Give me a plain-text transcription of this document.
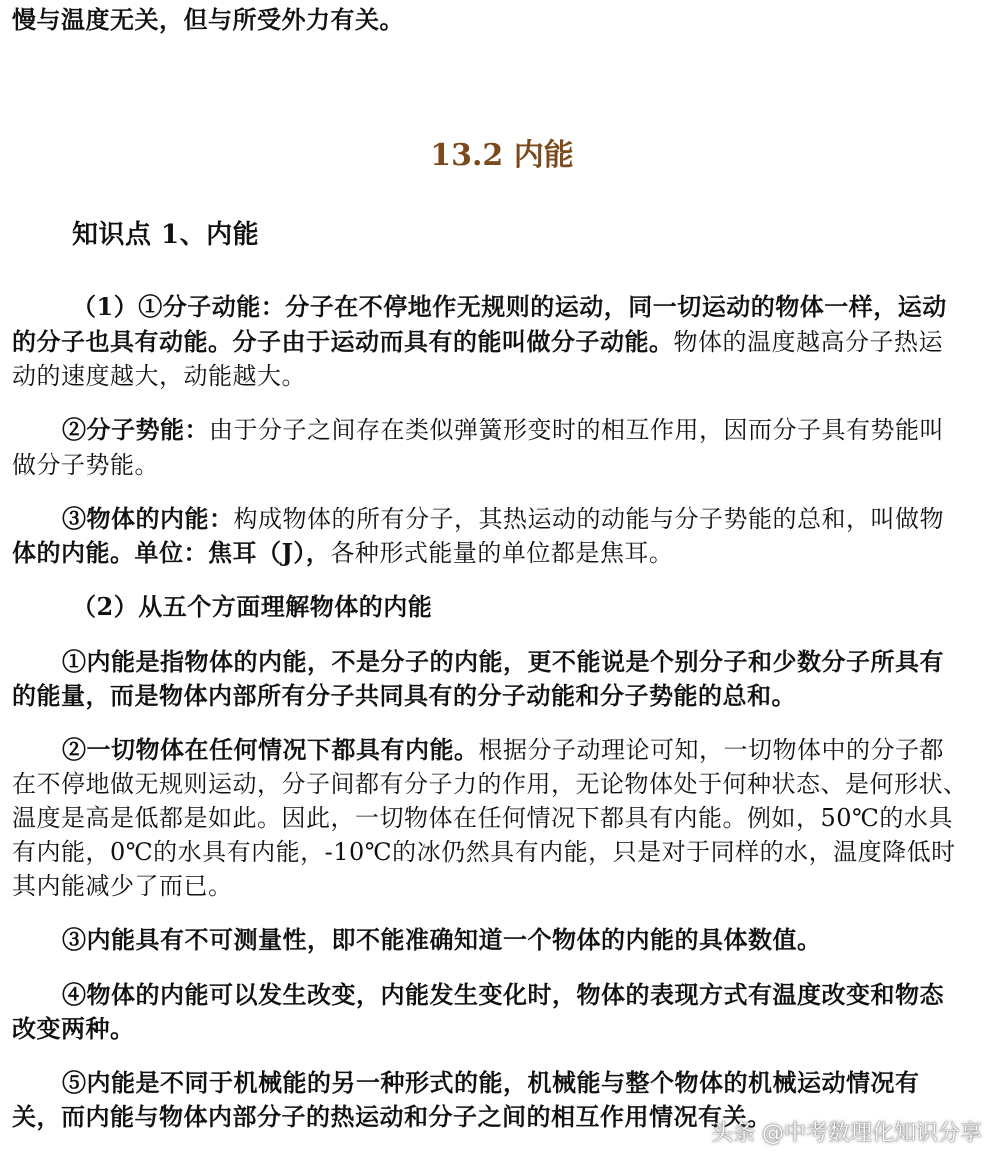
慢与温度无关，但与所受外力有关。
13.2 内能
知识点 1、内能
（1）①分子动能：分子在不停地作无规则的运动，同一切运动的物体一样，运动
的分子也具有动能。分子由于运动而具有的能叫做分子动能。物体的温度越高分子热运
动的速度越大，动能越大。
②分子势能：由于分子之间存在类似弹簧形变时的相互作用，因而分子具有势能叫
做分子势能。
③物体的内能：构成物体的所有分子，其热运动的动能与分子势能的总和，叫做物
体的内能。单位：焦耳（J），各种形式能量的单位都是焦耳。
（2）从五个方面理解物体的内能
①内能是指物体的内能，不是分子的内能，更不能说是个别分子和少数分子所具有
的能量，而是物体内部所有分子共同具有的分子动能和分子势能的总和。
②一切物体在任何情况下都具有内能。根据分子动理论可知，一切物体中的分子都
在不停地做无规则运动，分子间都有分子力的作用，无论物体处于何种状态、是何形状、
温度是高是低都是如此。因此，一切物体在任何情况下都具有内能。例如，50℃的水具
有内能，0℃的水具有内能，-10℃的冰仍然具有内能，只是对于同样的水，温度降低时
其内能减少了而已。
③内能具有不可测量性，即不能准确知道一个物体的内能的具体数值。
④物体的内能可以发生改变，内能发生变化时，物体的表现方式有温度改变和物态
改变两种。
⑤内能是不同于机械能的另一种形式的能，机械能与整个物体的机械运动情况有
关，而内能与物体内部分子的热运动和分子之间的相互作用情况有关。
头条 @中考数理化知识分享
